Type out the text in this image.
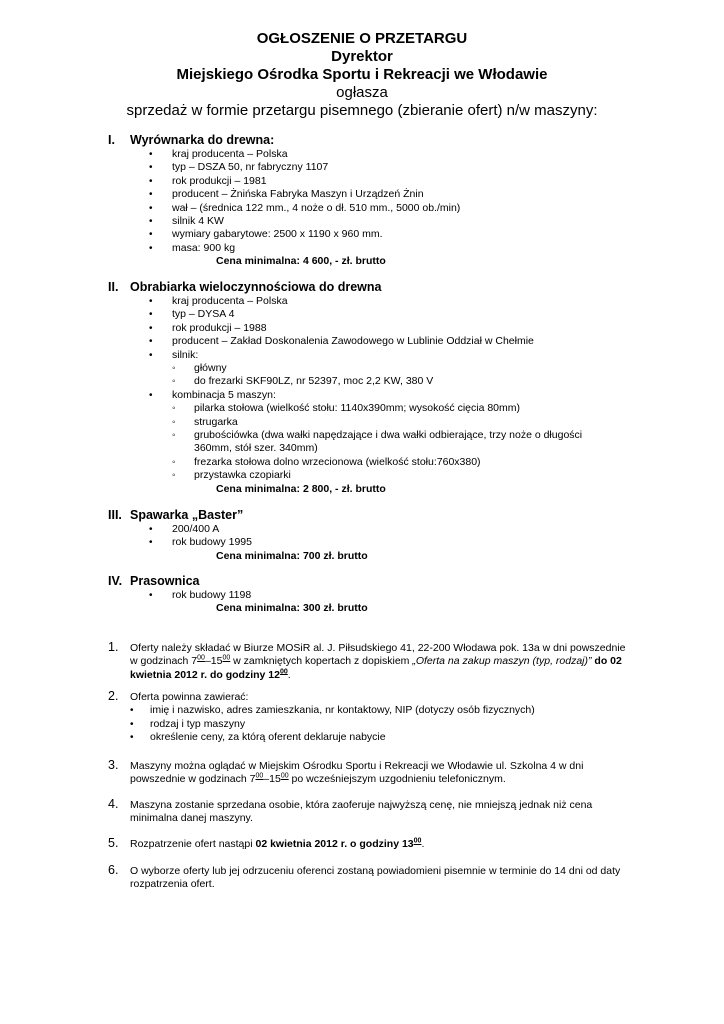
OGŁOSZENIE O PRZETARGU
Dyrektor
Miejskiego Ośrodka Sportu i Rekreacji we Włodawie
ogłasza
sprzedaż w formie przetargu pisemnego (zbieranie ofert) n/w maszyny:
I. Wyrównarka do drewna:
• kraj producenta – Polska
• typ – DSZA 50, nr fabryczny 1107
• rok produkcji – 1981
• producent – Żnińska Fabryka Maszyn i Urządzeń Żnin
• wał – (średnica 122 mm., 4 noże o dł. 510 mm., 5000 ob./min)
• silnik 4 KW
• wymiary gabarytowe: 2500 x 1190 x 960 mm.
• masa: 900 kg
Cena minimalna: 4 600, - zł. brutto
II. Obrabiarka wieloczynnościowa do drewna
• kraj producenta – Polska
• typ – DYSA 4
• rok produkcji – 1988
• producent – Zakład Doskonalenia Zawodowego w Lublinie Oddział w Chełmie
• silnik:
◦ główny
◦ do frezarki SKF90LZ, nr 52397, moc 2,2 KW, 380 V
• kombinacja 5 maszyn:
◦ pilarka stołowa (wielkość stołu: 1140x390mm; wysokość cięcia 80mm)
◦ strugarka
◦ grubościówka (dwa wałki napędzające i dwa wałki odbierające, trzy noże o długości 360mm, stół szer. 340mm)
◦ frezarka stołowa dolno wrzecionowa (wielkość stołu:760x380)
◦ przystawka czopiarki
Cena minimalna: 2 800, - zł. brutto
III. Spawarka „Baster”
• 200/400 A
• rok budowy 1995
Cena minimalna: 700 zł. brutto
IV. Prasownica
• rok budowy 1198
Cena minimalna: 300 zł. brutto
1. Oferty należy składać w Biurze MOSiR al. J. Piłsudskiego 41, 22-200 Włodawa pok. 13a w dni powszednie w godzinach $7^{00}-15^{00}$ w zamkniętych kopertach z dopiskiem „Oferta na zakup maszyn (typ, rodzaj)” do 02 kwietnia 2012 r. do godziny $12^{00}$.
2. Oferta powinna zawierać:
• imię i nazwisko, adres zamieszkania, nr kontaktowy, NIP (dotyczy osób fizycznych)
• rodzaj i typ maszyny
• określenie ceny, za którą oferent deklaruje nabycie
3. Maszyny można oglądać w Miejskim Ośrodku Sportu i Rekreacji we Włodawie ul. Szkolna 4 w dni powszednie w godzinach $7^{00}-15^{00}$ po wcześniejszym uzgodnieniu telefonicznym.
4. Maszyna zostanie sprzedana osobie, która zaoferuje najwyższą cenę, nie mniejszą jednak niż cena minimalna danej maszyny.
5. Rozpatrzenie ofert nastąpi 02 kwietnia 2012 r. o godziny $13^{00}$.
6. O wyborze oferty lub jej odrzuceniu oferenci zostaną powiadomieni pisemnie w terminie do 14 dni od daty rozpatrzenia ofert.
